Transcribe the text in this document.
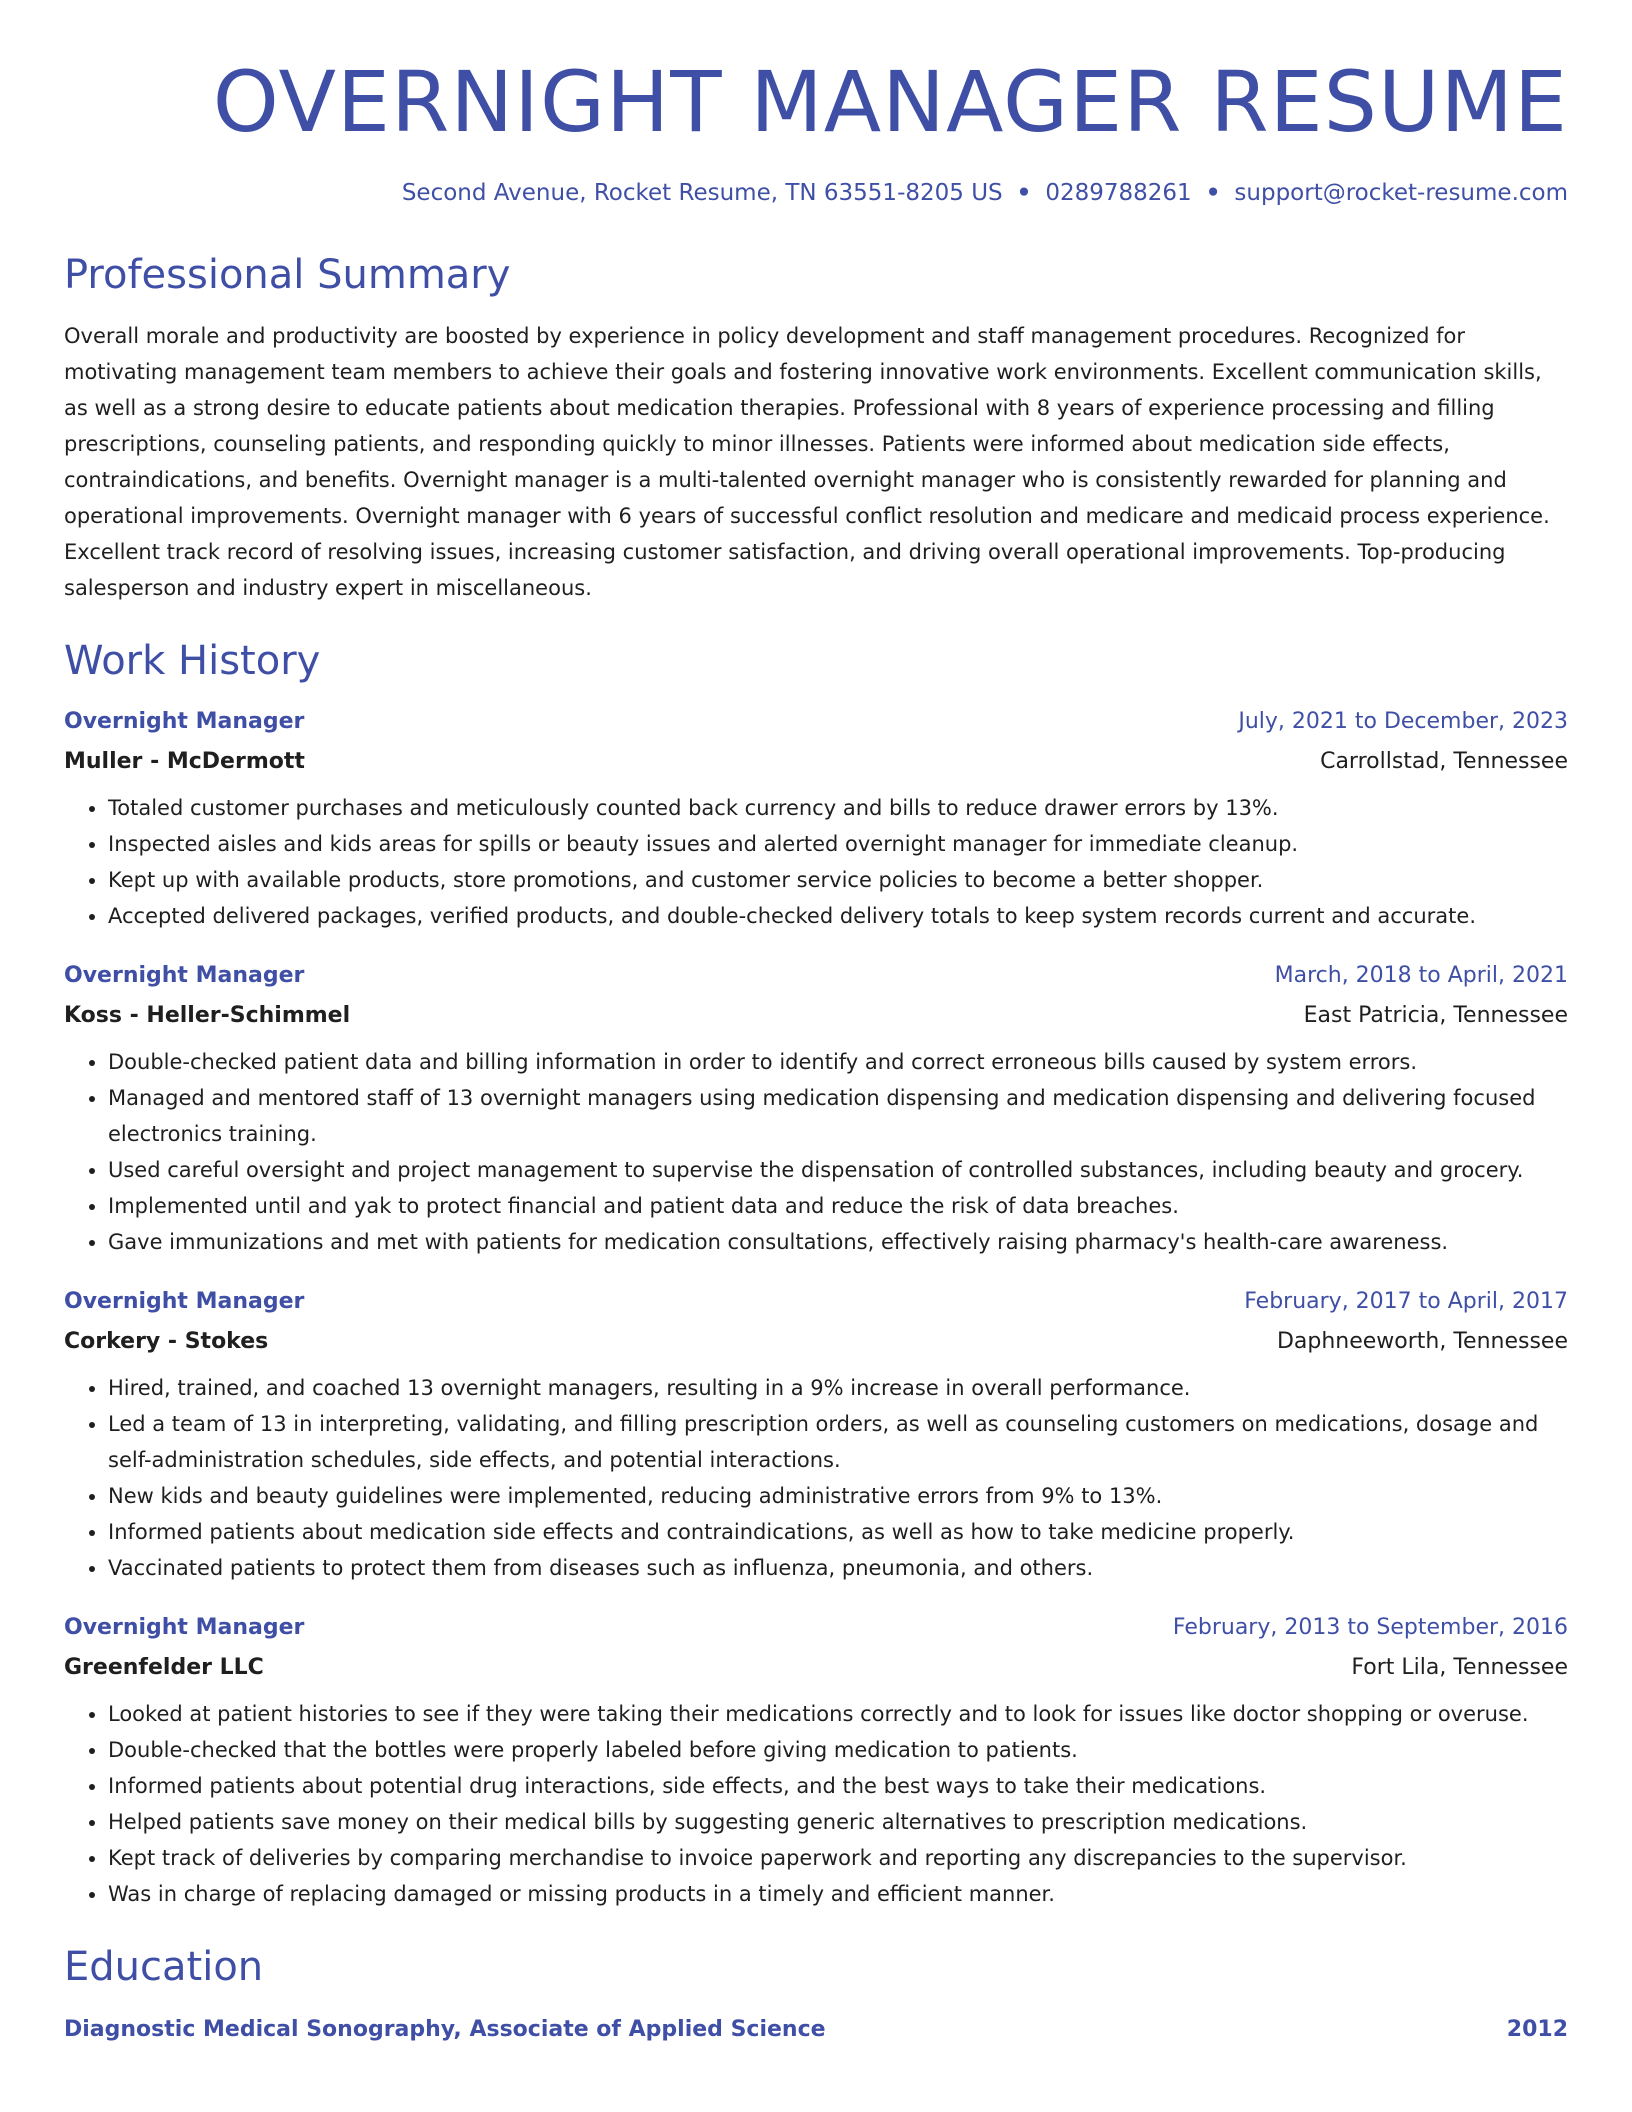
OVERNIGHT MANAGER RESUME
Second Avenue, Rocket Resume, TN 63551-8205 US • 0289788261 • support@rocket-resume.com
Professional Summary

Overall morale and productivity are boosted by experience in policy development and staff management procedures. Recognized for motivating management team members to achieve their goals and fostering innovative work environments. Excellent communication skills, as well as a strong desire to educate patients about medication therapies. Professional with 8 years of experience processing and filling prescriptions, counseling patients, and responding quickly to minor illnesses. Patients were informed about medication side effects, contraindications, and benefits. Overnight manager is a multi-talented overnight manager who is consistently rewarded for planning and operational improvements. Overnight manager with 6 years of successful conflict resolution and medicare and medicaid process experience. Excellent track record of resolving issues, increasing customer satisfaction, and driving overall operational improvements. Top-producing salesperson and industry expert in miscellaneous.

Work History
Overnight Manager	July, 2021 to December, 2023
Muller - McDermott	Carrollstad, Tennessee
• Totaled customer purchases and meticulously counted back currency and bills to reduce drawer errors by 13%.
• Inspected aisles and kids areas for spills or beauty issues and alerted overnight manager for immediate cleanup.
• Kept up with available products, store promotions, and customer service policies to become a better shopper.
• Accepted delivered packages, verified products, and double-checked delivery totals to keep system records current and accurate.
Overnight Manager	March, 2018 to April, 2021
Koss - Heller-Schimmel	East Patricia, Tennessee
• Double-checked patient data and billing information in order to identify and correct erroneous bills caused by system errors.
• Managed and mentored staff of 13 overnight managers using medication dispensing and medication dispensing and delivering focused electronics training.
• Used careful oversight and project management to supervise the dispensation of controlled substances, including beauty and grocery.
• Implemented until and yak to protect financial and patient data and reduce the risk of data breaches.
• Gave immunizations and met with patients for medication consultations, effectively raising pharmacy's health-care awareness.
Overnight Manager	February, 2017 to April, 2017
Corkery - Stokes	Daphneeworth, Tennessee
• Hired, trained, and coached 13 overnight managers, resulting in a 9% increase in overall performance.
• Led a team of 13 in interpreting, validating, and filling prescription orders, as well as counseling customers on medications, dosage and self-administration schedules, side effects, and potential interactions.
• New kids and beauty guidelines were implemented, reducing administrative errors from 9% to 13%.
• Informed patients about medication side effects and contraindications, as well as how to take medicine properly.
• Vaccinated patients to protect them from diseases such as influenza, pneumonia, and others.
Overnight Manager	February, 2013 to September, 2016
Greenfelder LLC	Fort Lila, Tennessee
• Looked at patient histories to see if they were taking their medications correctly and to look for issues like doctor shopping or overuse.
• Double-checked that the bottles were properly labeled before giving medication to patients.
• Informed patients about potential drug interactions, side effects, and the best ways to take their medications.
• Helped patients save money on their medical bills by suggesting generic alternatives to prescription medications.
• Kept track of deliveries by comparing merchandise to invoice paperwork and reporting any discrepancies to the supervisor.
• Was in charge of replacing damaged or missing products in a timely and efficient manner.
Education
Diagnostic Medical Sonography, Associate of Applied Science	2012
